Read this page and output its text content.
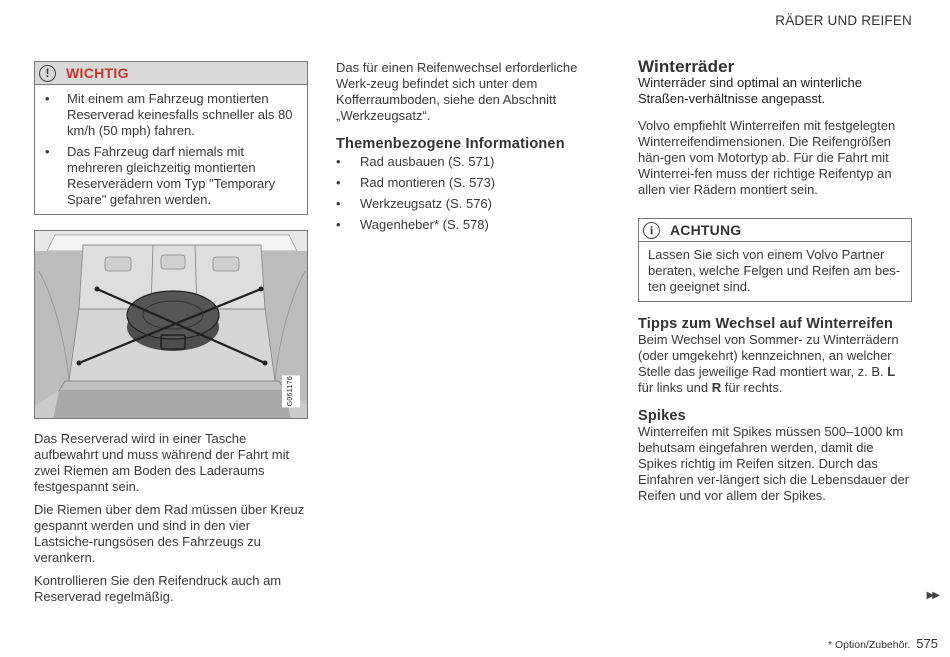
RÄDER UND REIFEN
!	WICHTIG
• Mit einem am Fahrzeug montierten Reserverad keinesfalls schneller als 80 km/h (50 mph) fahren.
• Das Fahrzeug darf niemals mit mehreren gleichzeitig montierten Reserverädern vom Typ "Temporary Spare" gefahren werden.
G061176

Das Reserverad wird in einer Tasche aufbewahrt und muss während der Fahrt mit zwei Riemen am Boden des Laderaums festgespannt sein.

Die Riemen über dem Rad müssen über Kreuz gespannt werden und sind in den vier Lastsiche-rungsösen des Fahrzeugs zu verankern.

Kontrollieren Sie den Reifendruck auch am Reserverad regelmäßig.

Das für einen Reifenwechsel erforderliche Werk-zeug befindet sich unter dem Kofferraumboden, siehe den Abschnitt „Werkzeugsatz“.

Themenbezogene Informationen
• Rad ausbauen (S. 571)
• Rad montieren (S. 573)
• Werkzeugsatz (S. 576)
• Wagenheber* (S. 578)
Winterräder

Winterräder sind optimal an winterliche Straßen-verhältnisse angepasst.

Volvo empfiehlt Winterreifen mit festgelegten Winterreifendimensionen. Die Reifengrößen hän-gen vom Motortyp ab. Für die Fahrt mit Winterrei-fen muss der richtige Reifentyp an allen vier Rädern montiert sein.

i	ACHTUNG

Lassen Sie sich von einem Volvo Partner beraten, welche Felgen und Reifen am bes-ten geeignet sind.

Tipps zum Wechsel auf Winterreifen

Beim Wechsel von Sommer- zu Winterrädern (oder umgekehrt) kennzeichnen, an welcher Stelle das jeweilige Rad montiert war, z. B. L für links und R für rechts.

Spikes

Winterreifen mit Spikes müssen 500–1000 km behutsam eingefahren werden, damit die Spikes richtig im Reifen sitzen. Durch das Einfahren ver-längert sich die Lebensdauer der Reifen und vor allem der Spikes.

▶▶
* Option/Zubehör. 575
